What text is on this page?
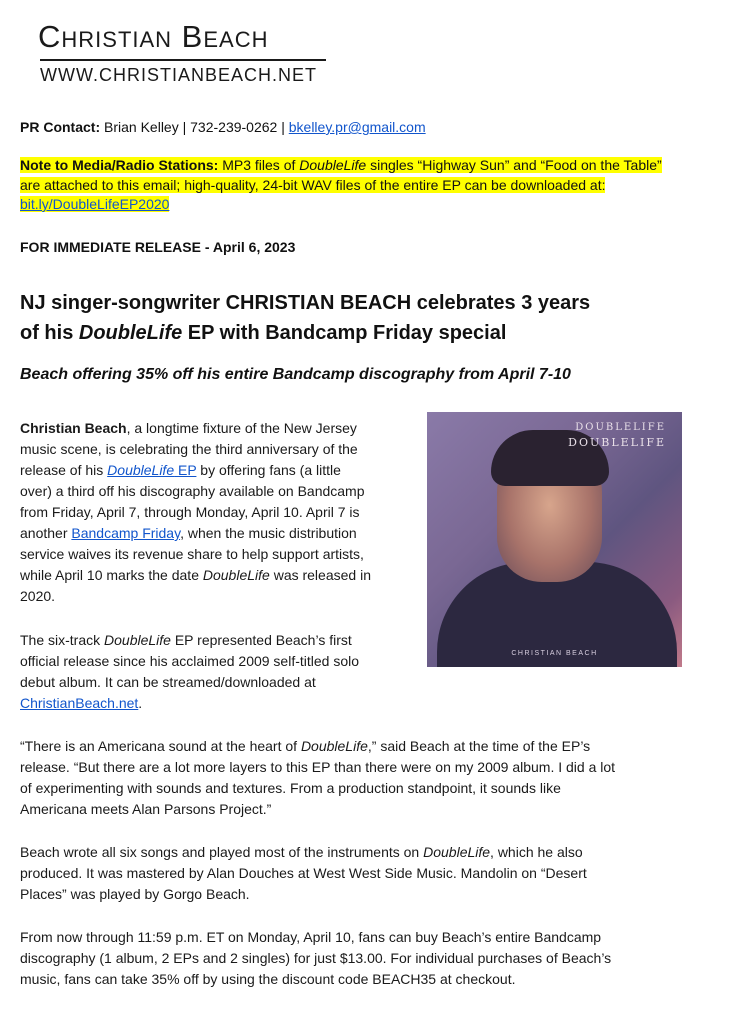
Christian Beach
WWW.CHRISTIANBEACH.NET
PR Contact: Brian Kelley | 732-239-0262 | bkelley.pr@gmail.com
Note to Media/Radio Stations: MP3 files of DoubleLife singles “Highway Sun” and “Food on the Table”
are attached to this email; high-quality, 24-bit WAV files of the entire EP can be downloaded at:
bit.ly/DoubleLifeEP2020
FOR IMMEDIATE RELEASE - April 6, 2023
NJ singer-songwriter CHRISTIAN BEACH celebrates 3 years
of his DoubleLife EP with Bandcamp Friday special
Beach offering 35% off his entire Bandcamp discography from April 7-10
Christian Beach, a longtime fixture of the New Jersey
music scene, is celebrating the third anniversary of the
release of his DoubleLife EP by offering fans (a little
over) a third off his discography available on Bandcamp
from Friday, April 7, through Monday, April 10. April 7 is
another Bandcamp Friday, when the music distribution
service waives its revenue share to help support artists,
while April 10 marks the date DoubleLife was released in
2020.
DOUBLELIFE
DOUBLELIFE
CHRISTIAN BEACH
The six-track DoubleLife EP represented Beach’s first
official release since his acclaimed 2009 self-titled solo
debut album. It can be streamed/downloaded at
ChristianBeach.net.
“There is an Americana sound at the heart of DoubleLife,” said Beach at the time of the EP’s
release. “But there are a lot more layers to this EP than there were on my 2009 album. I did a lot
of experimenting with sounds and textures. From a production standpoint, it sounds like
Americana meets Alan Parsons Project.”
Beach wrote all six songs and played most of the instruments on DoubleLife, which he also
produced. It was mastered by Alan Douches at West West Side Music. Mandolin on “Desert
Places” was played by Gorgo Beach.
From now through 11:59 p.m. ET on Monday, April 10, fans can buy Beach’s entire Bandcamp
discography (1 album, 2 EPs and 2 singles) for just $13.00. For individual purchases of Beach’s
music, fans can take 35% off by using the discount code BEACH35 at checkout.
